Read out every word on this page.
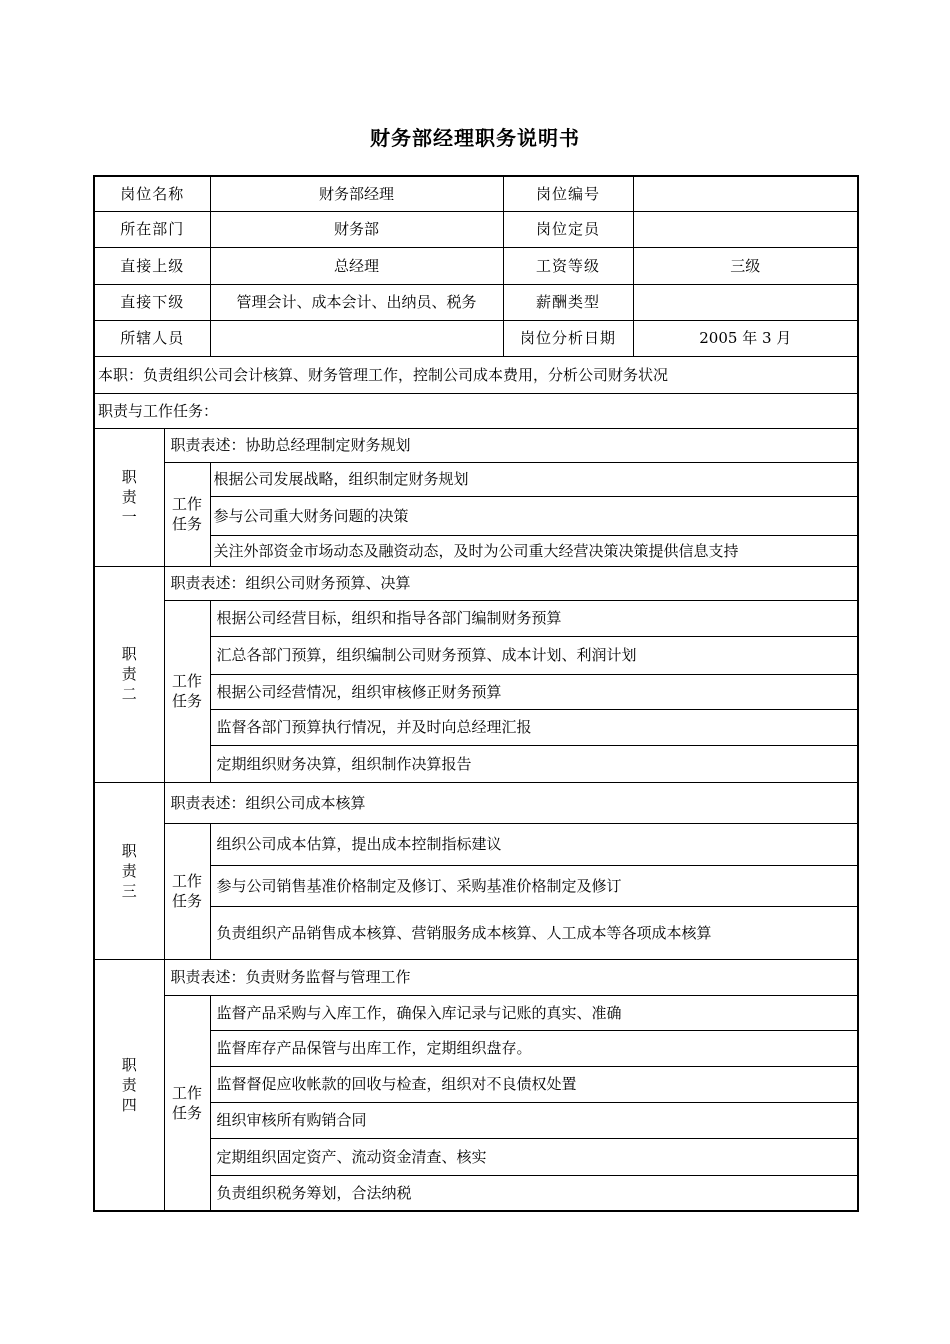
财务部经理职务说明书
岗位名称		财务部经理	岗位编号	
所在部门		财务部	岗位定员	
直接上级		总经理	工资等级	三级
直接下级		管理会计、成本会计、出纳员、税务	薪酬类型	
所辖人员			岗位分析日期	2005 年 3 月
本职：负责组织公司会计核算、财务管理工作，控制公司成本费用，分析公司财务状况				
职责与工作任务：				

职
责
一	职责表述：协助总经理制定财务规划			

	工作
任务	根据公司发展战略，组织制定财务规划		
		参与公司重大财务问题的决策		
		关注外部资金市场动态及融资动态，及时为公司重大经营决策决策提供信息支持		

职
责
二	职责表述：组织公司财务预算、决算			

	工作
任务	根据公司经营目标，组织和指导各部门编制财务预算		
		汇总各部门预算，组织编制公司财务预算、成本计划、利润计划		
		根据公司经营情况，组织审核修正财务预算		
		监督各部门预算执行情况，并及时向总经理汇报		
		定期组织财务决算，组织制作决算报告		

职
责
三	职责表述：组织公司成本核算			

	工作
任务	组织公司成本估算，提出成本控制指标建议		
		参与公司销售基准价格制定及修订、采购基准价格制定及修订		
		负责组织产品销售成本核算、营销服务成本核算、人工成本等各项成本核算		

职
责
四	职责表述：负责财务监督与管理工作			

	工作
任务	监督产品采购与入库工作，确保入库记录与记账的真实、准确		
		监督库存产品保管与出库工作，定期组织盘存。		
		监督督促应收帐款的回收与检查，组织对不良债权处置		
		组织审核所有购销合同		
		定期组织固定资产、流动资金清查、核实		
		负责组织税务筹划，合法纳税		
